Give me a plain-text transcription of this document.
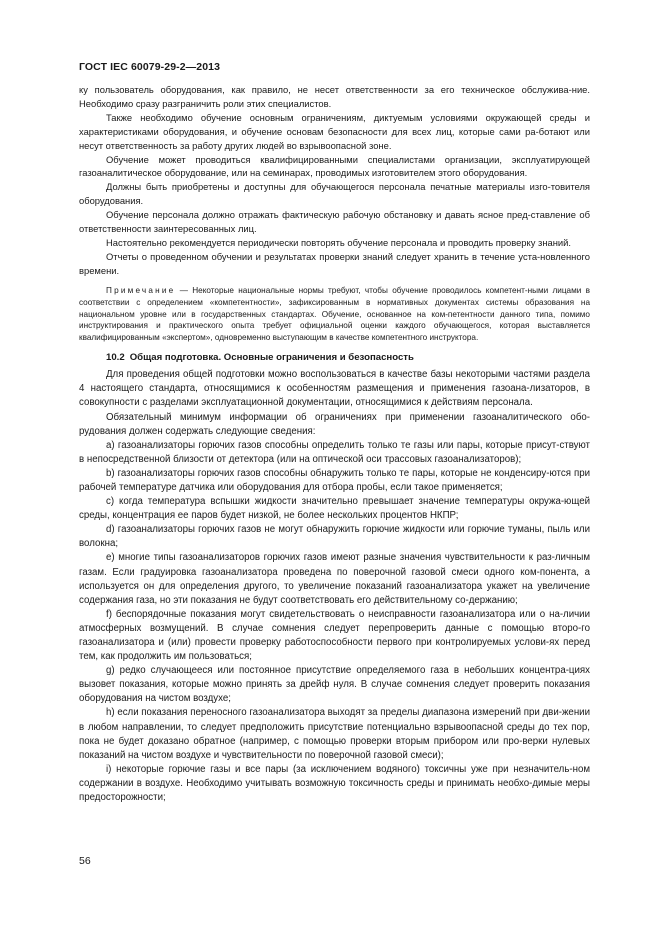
ГОСТ IEC 60079-29-2—2013

ку пользователь оборудования, как правило, не несет ответственности за его техническое обслужива-ние. Необходимо сразу разграничить роли этих специалистов.

Также необходимо обучение основным ограничениям, диктуемым условиями окружающей среды и характеристиками оборудования, и обучение основам безопасности для всех лиц, которые сами ра-ботают или несут ответственность за работу других людей во взрывоопасной зоне.

Обучение может проводиться квалифицированными специалистами организации, эксплуатирующей газоаналитическое оборудование, или на семинарах, проводимых изготовителем этого оборудования.

Должны быть приобретены и доступны для обучающегося персонала печатные материалы изго-товителя оборудования.

Обучение персонала должно отражать фактическую рабочую обстановку и давать ясное пред-ставление об ответственности заинтересованных лиц.

Настоятельно рекомендуется периодически повторять обучение персонала и проводить проверку знаний.

Отчеты о проведенном обучении и результатах проверки знаний следует хранить в течение уста-новленного времени.

Примечание — Некоторые национальные нормы требуют, чтобы обучение проводилось компетент-ными лицами в соответствии с определением «компетентности», зафиксированным в нормативных документах системы образования на национальном уровне или в государственных стандартах. Обучение, основанное на ком-петентности данного типа, помимо инструктирования и практического опыта требует официальной оценки каждого обучающегося, которая выставляется квалифицированным «экспертом», одновременно выступающим в качестве компетентного инструктора.

10.2 Общая подготовка. Основные ограничения и безопасность

Для проведения общей подготовки можно воспользоваться в качестве базы некоторыми частями раздела 4 настоящего стандарта, относящимися к особенностям размещения и применения газоана-лизаторов, в совокупности с разделами эксплуатационной документации, относящимися к действиям персонала.

Обязательный минимум информации об ограничениях при применении газоаналитического обо-рудования должен содержать следующие сведения:

a) газоанализаторы горючих газов способны определить только те газы или пары, которые присут-ствуют в непосредственной близости от детектора (или на оптической оси трассовых газоанализаторов);

b) газоанализаторы горючих газов способны обнаружить только те пары, которые не конденсиру-ются при рабочей температуре датчика или оборудования для отбора пробы, если такое применяется;

c) когда температура вспышки жидкости значительно превышает значение температуры окружа-ющей среды, концентрация ее паров будет низкой, не более нескольких процентов НКПР;

d) газоанализаторы горючих газов не могут обнаружить горючие жидкости или горючие туманы, пыль или волокна;

e) многие типы газоанализаторов горючих газов имеют разные значения чувствительности к раз-личным газам. Если градуировка газоанализатора проведена по поверочной газовой смеси одного ком-понента, а используется он для определения другого, то увеличение показаний газоанализатора укажет на увеличение содержания газа, но эти показания не будут соответствовать его действительному со-держанию;

f) беспорядочные показания могут свидетельствовать о неисправности газоанализатора или о на-личии атмосферных возмущений. В случае сомнения следует перепроверить данные с помощью второ-го газоанализатора и (или) провести проверку работоспособности первого при контролируемых услови-ях перед тем, как продолжить им пользоваться;

g) редко случающееся или постоянное присутствие определяемого газа в небольших концентра-циях вызовет показания, которые можно принять за дрейф нуля. В случае сомнения следует проверить показания оборудования на чистом воздухе;

h) если показания переносного газоанализатора выходят за пределы диапазона измерений при дви-жении в любом направлении, то следует предположить присутствие потенциально взрывоопасной среды до тех пор, пока не будет доказано обратное (например, с помощью проверки вторым прибором или про-верки нулевых показаний на чистом воздухе и чувствительности по поверочной газовой смеси);

i) некоторые горючие газы и все пары (за исключением водяного) токсичны уже при незначитель-ном содержании в воздухе. Необходимо учитывать возможную токсичность среды и принимать необхо-димые меры предосторожности;

56
